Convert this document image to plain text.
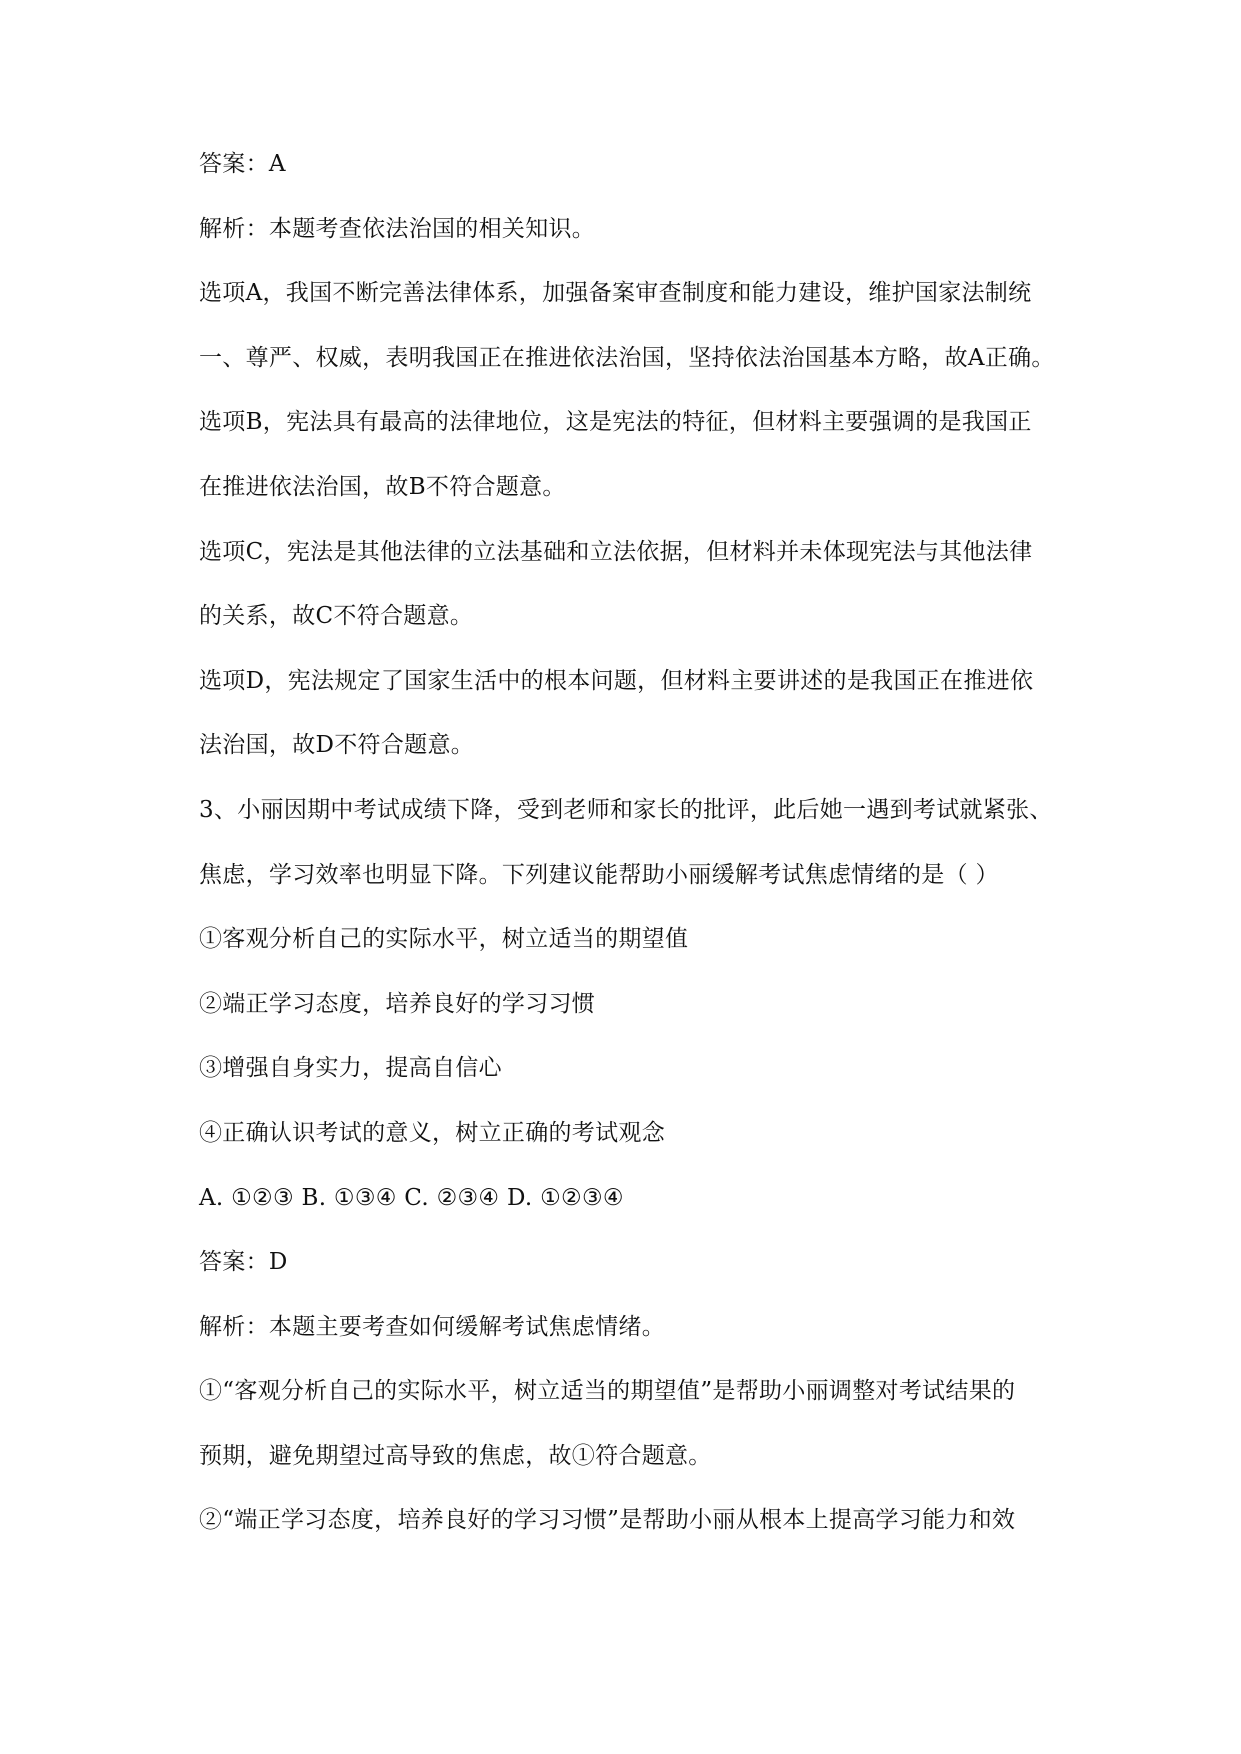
答案：A
解析：本题考查依法治国的相关知识。
选项A，我国不断完善法律体系，加强备案审查制度和能力建设，维护国家法制统
一、尊严、权威，表明我国正在推进依法治国，坚持依法治国基本方略，故A正确。
选项B，宪法具有最高的法律地位，这是宪法的特征，但材料主要强调的是我国正
在推进依法治国，故B不符合题意。
选项C，宪法是其他法律的立法基础和立法依据，但材料并未体现宪法与其他法律
的关系，故C不符合题意。
选项D，宪法规定了国家生活中的根本问题，但材料主要讲述的是我国正在推进依
法治国，故D不符合题意。
3、小丽因期中考试成绩下降，受到老师和家长的批评，此后她一遇到考试就紧张、
焦虑，学习效率也明显下降。下列建议能帮助小丽缓解考试焦虑情绪的是（ ）
①客观分析自己的实际水平，树立适当的期望值
②端正学习态度，培养良好的学习习惯
③增强自身实力，提高自信心
④正确认识考试的意义，树立正确的考试观念
A. ①②③ B. ①③④ C. ②③④ D. ①②③④
答案：D
解析：本题主要考查如何缓解考试焦虑情绪。
①“客观分析自己的实际水平，树立适当的期望值”是帮助小丽调整对考试结果的
预期，避免期望过高导致的焦虑，故①符合题意。
②“端正学习态度，培养良好的学习习惯”是帮助小丽从根本上提高学习能力和效
